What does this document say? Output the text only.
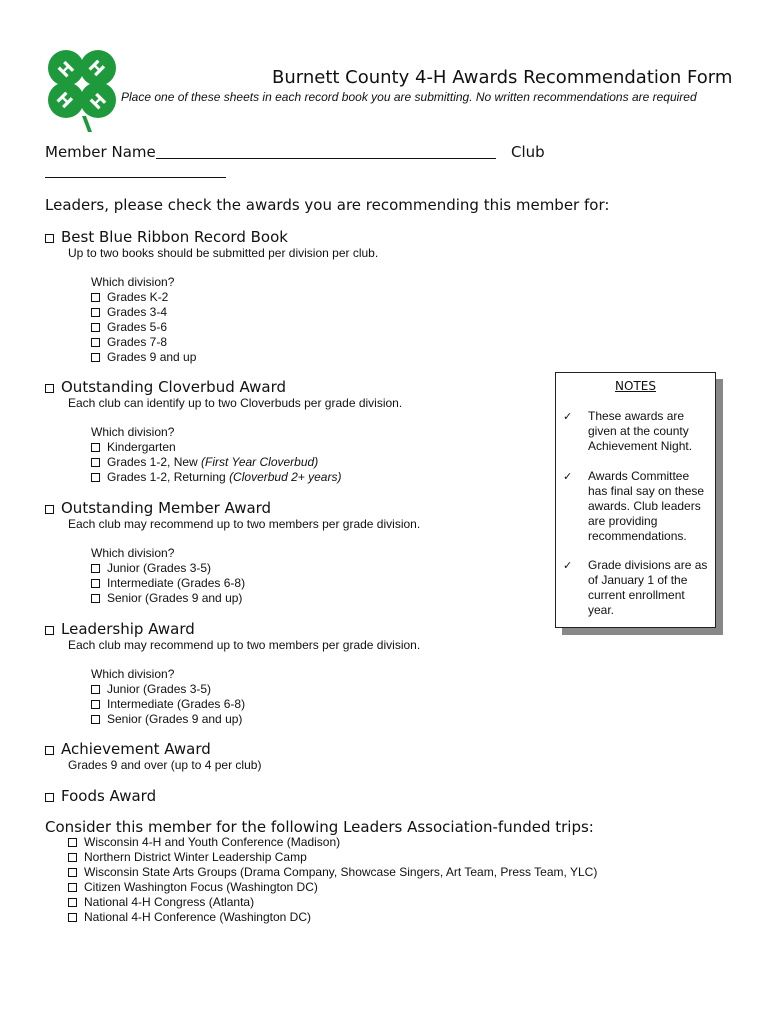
H H
H H
Burnett County 4-H Awards Recommendation Form
Place one of these sheets in each record book you are submitting. No written recommendations are required
Member Name	Club
Leaders, please check the awards you are recommending this member for:
Best Blue Ribbon Record Book
Up to two books should be submitted per division per club.
Which division?
Grades K-2
Grades 3-4
Grades 5-6
Grades 7-8
Grades 9 and up
Outstanding Cloverbud Award
Each club can identify up to two Cloverbuds per grade division.
Which division?
Kindergarten
Grades 1-2, New (First Year Cloverbud)
Grades 1-2, Returning (Cloverbud 2+ years)
Outstanding Member Award
Each club may recommend up to two members per grade division.
Which division?
Junior (Grades 3-5)
Intermediate (Grades 6-8)
Senior (Grades 9 and up)
Leadership Award
Each club may recommend up to two members per grade division.
Which division?
Junior (Grades 3-5)
Intermediate (Grades 6-8)
Senior (Grades 9 and up)
Achievement Award
Grades 9 and over (up to 4 per club)
Foods Award
Consider this member for the following Leaders Association-funded trips:
Wisconsin 4-H and Youth Conference (Madison)
Northern District Winter Leadership Camp
Wisconsin State Arts Groups (Drama Company, Showcase Singers, Art Team, Press Team, YLC)
Citizen Washington Focus (Washington DC)
National 4-H Congress (Atlanta)
National 4-H Conference (Washington DC)
NOTES
✓ These awards are given at the county Achievement Night.
✓ Awards Committee has final say on these awards. Club leaders are providing recommendations.
✓ Grade divisions are as of January 1 of the current enrollment year.
